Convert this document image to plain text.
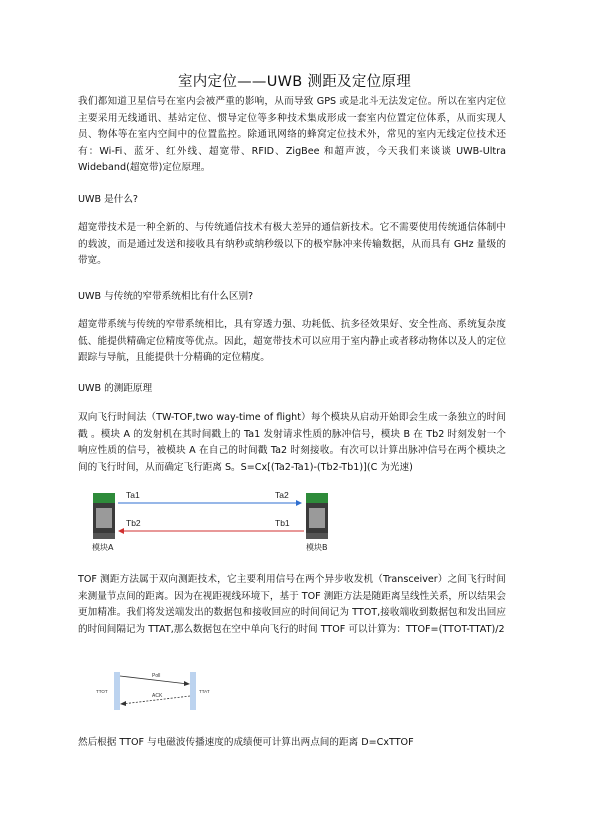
室内定位——UWB 测距及定位原理
我们都知道卫星信号在室内会被严重的影响，从而导致 GPS 或是北斗无法发定位。所以在室内定位主要采用无线通讯、基站定位、惯导定位等多种技术集成形成一套室内位置定位体系，从而实现人员、物体等在室内空间中的位置监控。除通讯网络的蜂窝定位技术外，常见的室内无线定位技术还有：Wi-Fi、蓝牙、红外线、超宽带、RFID、ZigBee 和超声波，今天我们来谈谈 UWB-Ultra Wideband(超宽带)定位原理。
UWB 是什么?
超宽带技术是一种全新的、与传统通信技术有极大差异的通信新技术。它不需要使用传统通信体制中的载波，而是通过发送和接收具有纳秒或纳秒级以下的极窄脉冲来传输数据，从而具有 GHz 量级的带宽。
UWB 与传统的窄带系统相比有什么区别?
超宽带系统与传统的窄带系统相比，具有穿透力强、功耗低、抗多径效果好、安全性高、系统复杂度低、能提供精确定位精度等优点。因此，超宽带技术可以应用于室内静止或者移动物体以及人的定位跟踪与导航，且能提供十分精确的定位精度。
UWB 的测距原理
双向飞行时间法（TW-TOF,two way-time of flight）每个模块从启动开始即会生成一条独立的时间戳 。模块 A 的发射机在其时间戳上的 Ta1 发射请求性质的脉冲信号，模块 B 在 Tb2 时刻发射一个响应性质的信号，被模块 A 在自己的时间戳 Ta2 时刻接收。有次可以计算出脉冲信号在两个模块之间的飞行时间，从而确定飞行距离 S。S=Cx[(Ta2-Ta1)-(Tb2-Tb1)](C 为光速)
Ta1	Ta2
Tb2	Tb1
模块A	模块B
TOF 测距方法属于双向测距技术，它主要利用信号在两个异步收发机（Transceiver）之间飞行时间来测量节点间的距离。因为在视距视线环境下，基于 TOF 测距方法是随距离呈线性关系，所以结果会更加精准。我们将发送端发出的数据包和接收回应的时间间记为 TTOT,接收端收到数据包和发出回应的时间间隔记为 TTAT,那么数据包在空中单向飞行的时间 TTOF 可以计算为：TTOF=(TTOT-TTAT)/2
Poll
ACK
TTOT	TTAT
然后根据 TTOF 与电磁波传播速度的成绩便可计算出两点间的距离 D=CxTTOF
